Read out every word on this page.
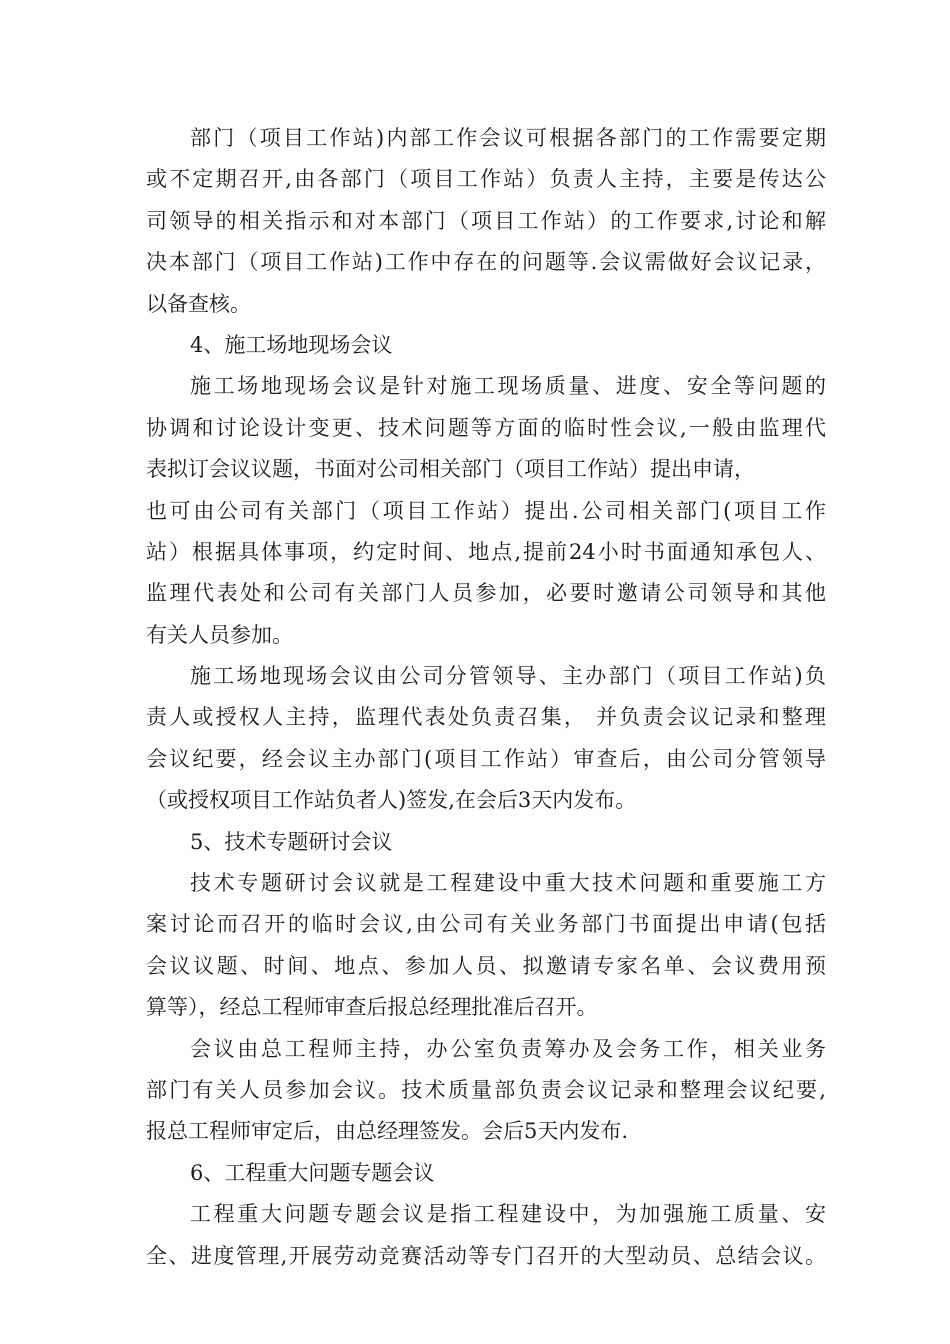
部门（项目工作站)内部工作会议可根据各部门的工作需要定期
或不定期召开,由各部门（项目工作站）负责人主持，主要是传达公
司领导的相关指示和对本部门（项目工作站）的工作要求,讨论和解
决本部门（项目工作站)工作中存在的问题等.会议需做好会议记录，
以备查核。
4、施工场地现场会议
施工场地现场会议是针对施工现场质量、进度、安全等问题的
协调和讨论设计变更、技术问题等方面的临时性会议,一般由监理代
表拟订会议议题，书面对公司相关部门（项目工作站）提出申请，
也可由公司有关部门（项目工作站）提出.公司相关部门(项目工作
站）根据具体事项，约定时间、地点,提前24小时书面通知承包人、
监理代表处和公司有关部门人员参加，必要时邀请公司领导和其他
有关人员参加。
施工场地现场会议由公司分管领导、主办部门（项目工作站)负
责人或授权人主持，监理代表处负责召集， 并负责会议记录和整理
会议纪要，经会议主办部门(项目工作站）审查后，由公司分管领导
（或授权项目工作站负者人)签发,在会后3天内发布。
5、技术专题研讨会议
技术专题研讨会议就是工程建设中重大技术问题和重要施工方
案讨论而召开的临时会议,由公司有关业务部门书面提出申请(包括
会议议题、时间、地点、参加人员、拟邀请专家名单、会议费用预
算等），经总工程师审查后报总经理批准后召开。
会议由总工程师主持，办公室负责筹办及会务工作，相关业务
部门有关人员参加会议。技术质量部负责会议记录和整理会议纪要,
报总工程师审定后，由总经理签发。会后5天内发布.
6、工程重大问题专题会议
工程重大问题专题会议是指工程建设中，为加强施工质量、安
全、进度管理,开展劳动竞赛活动等专门召开的大型动员、总结会议。
